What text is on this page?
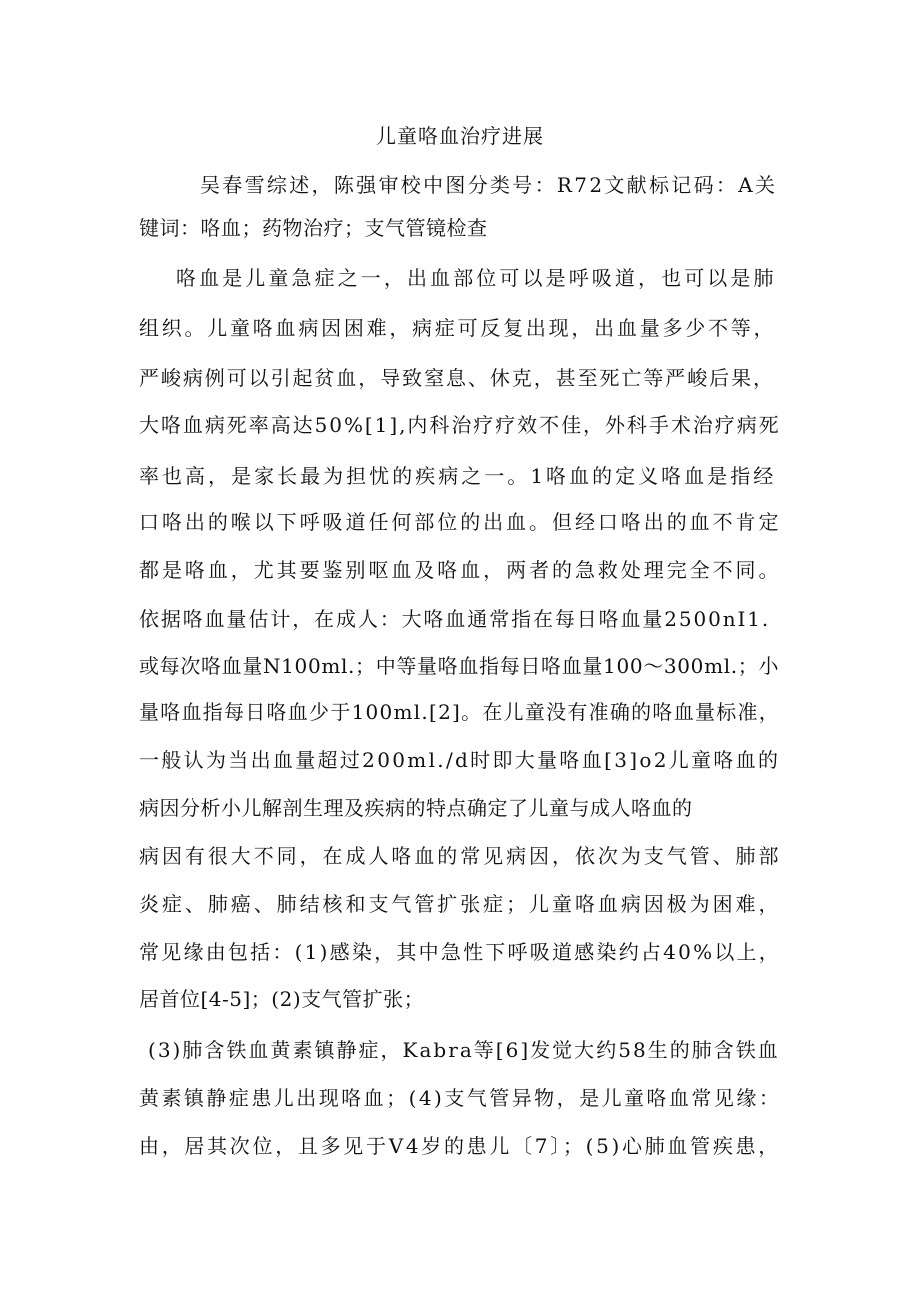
儿童咯血治疗进展
吴春雪综述，陈强审校中图分类号：R72文献标记码：A关
键词：咯血；药物治疗；支气管镜检查
咯血是儿童急症之一，出血部位可以是呼吸道，也可以是肺
组织。儿童咯血病因困难，病症可反复出现，出血量多少不等，
严峻病例可以引起贫血，导致窒息、休克，甚至死亡等严峻后果，
大咯血病死率高达50%[1],内科治疗疗效不佳，外科手术治疗病死
率也高，是家长最为担忧的疾病之一。1咯血的定义咯血是指经
口咯出的喉以下呼吸道任何部位的出血。但经口咯出的血不肯定
都是咯血，尤其要鉴别呕血及咯血，两者的急救处理完全不同。
依据咯血量估计，在成人：大咯血通常指在每日咯血量2500nI1.
或每次咯血量N100ml.；中等量咯血指每日咯血量100～300ml.；小
量咯血指每日咯血少于100ml.[2]。在儿童没有准确的咯血量标准，
一般认为当出血量超过200ml./d时即大量咯血[3]o2儿童咯血的
病因分析小儿解剖生理及疾病的特点确定了儿童与成人咯血的
病因有很大不同，在成人咯血的常见病因，依次为支气管、肺部
炎症、肺癌、肺结核和支气管扩张症；儿童咯血病因极为困难，
常见缘由包括：(1)感染，其中急性下呼吸道感染约占40%以上，
居首位[4-5]；(2)支气管扩张；
(3)肺含铁血黄素镇静症，Kabra等[6]发觉大约58生的肺含铁血
黄素镇静症患儿出现咯血；(4)支气管异物，是儿童咯血常见缘：
由，居其次位，且多见于V4岁的患儿〔7〕；(5)心肺血管疾患，
